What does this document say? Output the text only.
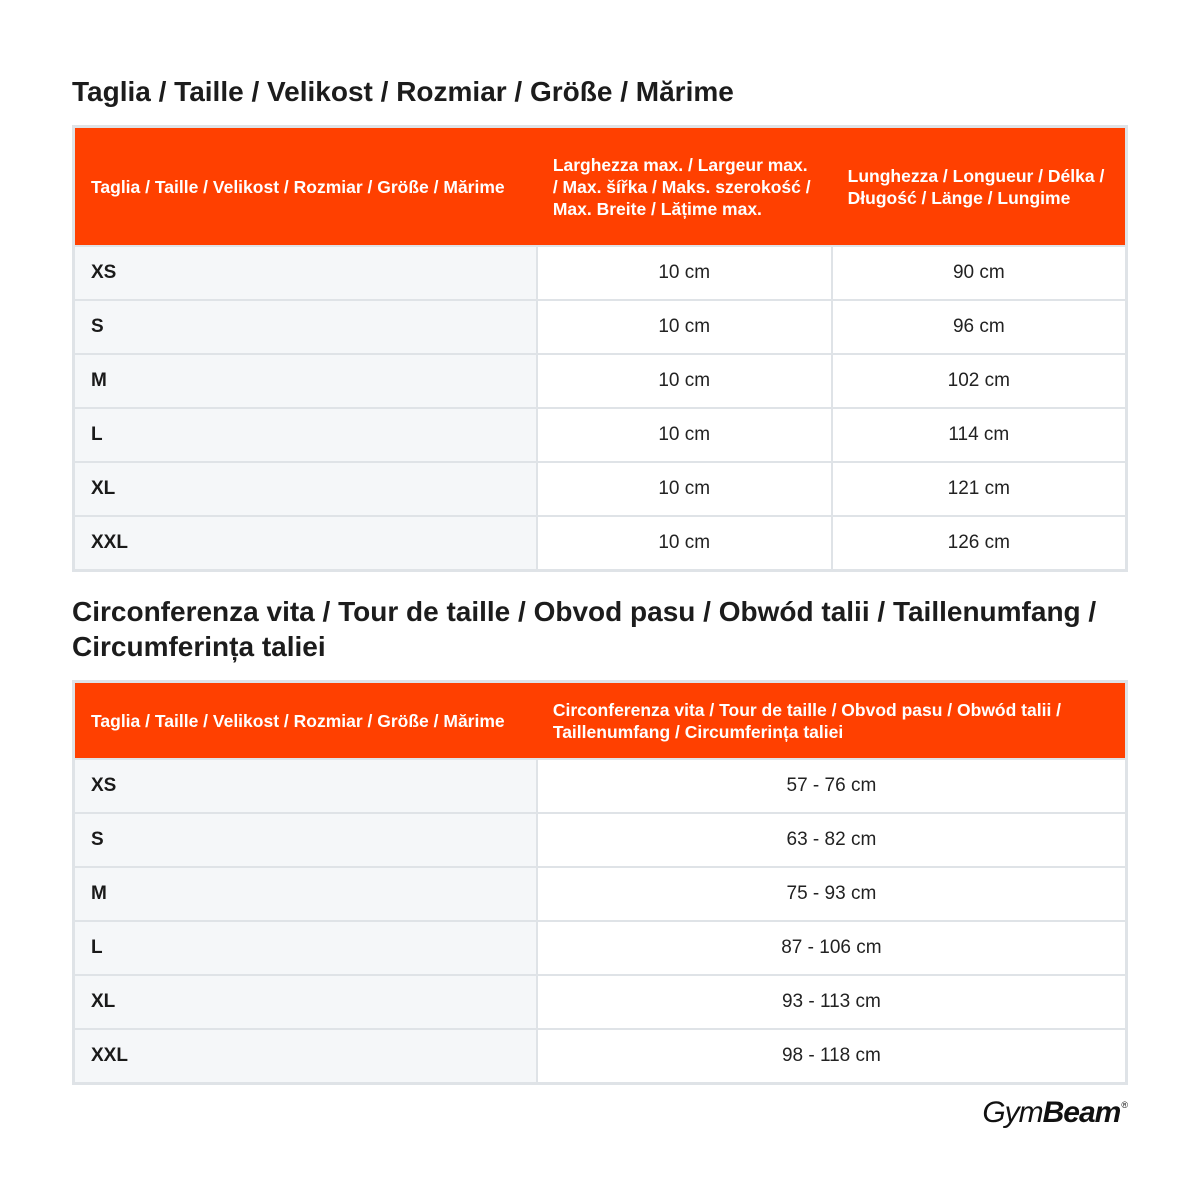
Taglia / Taille / Velikost / Rozmiar / Größe / Mărime
Taglia / Taille / Velikost / Rozmiar / Größe / Mărime	Larghezza max. / Largeur max. / Max. šířka / Maks. szerokość / Max. Breite / Lățime max.	Lunghezza / Longueur / Délka / Długość / Länge / Lungime
XS	10 cm	90 cm
S	10 cm	96 cm
M	10 cm	102 cm
L	10 cm	114 cm
XL	10 cm	121 cm
XXL	10 cm	126 cm
Circonferenza vita / Tour de taille / Obvod pasu / Obwód talii / Taillenumfang / Circumferința taliei
Taglia / Taille / Velikost / Rozmiar / Größe / Mărime	Circonferenza vita / Tour de taille / Obvod pasu / Obwód talii / Taillenumfang / Circumferința taliei
XS	57 - 76 cm
S	63 - 82 cm
M	75 - 93 cm
L	87 - 106 cm
XL	93 - 113 cm
XXL	98 - 118 cm
GymBeam®
